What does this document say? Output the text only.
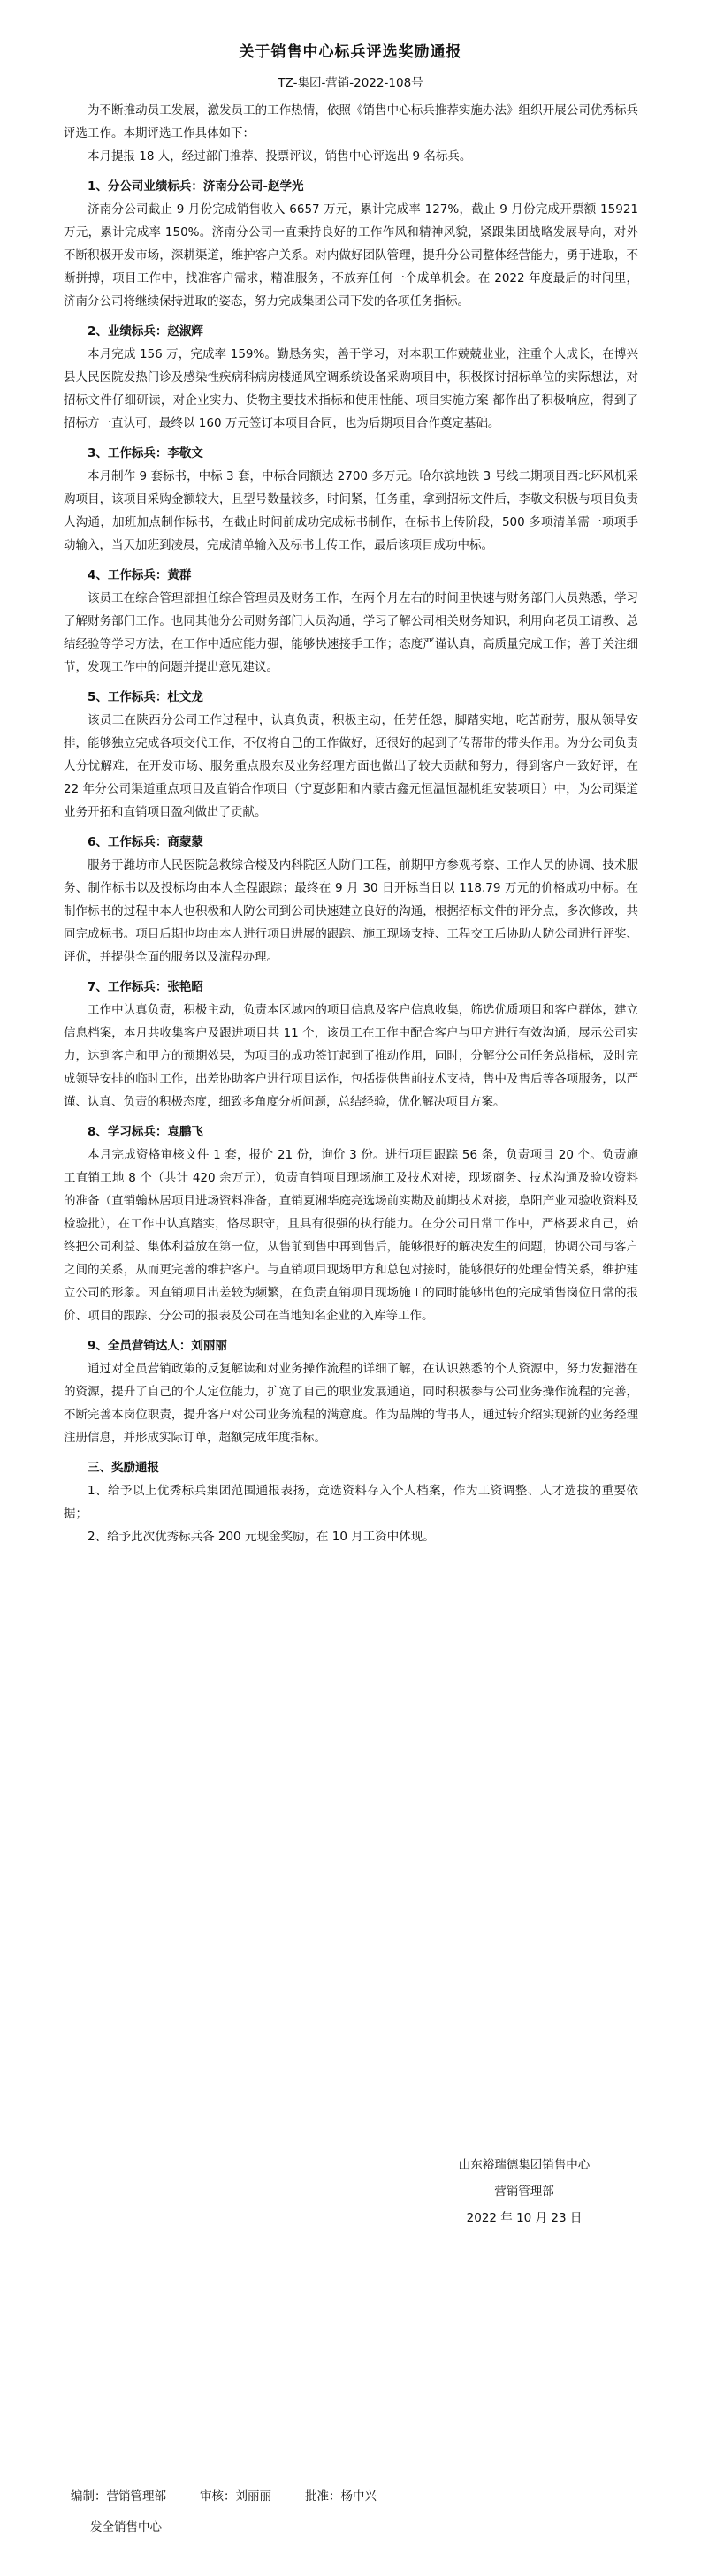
关于销售中心标兵评选奖励通报
TZ-集团-营销-2022-108号

为不断推动员工发展，激发员工的工作热情，依照《销售中心标兵推荐实施办法》组织开展公司优秀标兵评选工作。本期评选工作具体如下：

本月提报 18 人，经过部门推荐、投票评议，销售中心评选出 9 名标兵。

1、分公司业绩标兵：济南分公司-赵学光

济南分公司截止 9 月份完成销售收入 6657 万元，累计完成率 127%，截止 9 月份完成开票额 15921 万元，累计完成率 150%。济南分公司一直秉持良好的工作作风和精神风貌，紧跟集团战略发展导向，对外不断积极开发市场，深耕渠道，维护客户关系。对内做好团队管理，提升分公司整体经营能力，勇于进取，不断拼搏，项目工作中，找准客户需求，精准服务，不放弃任何一个成单机会。在 2022 年度最后的时间里，济南分公司将继续保持进取的姿态，努力完成集团公司下发的各项任务指标。

2、业绩标兵：赵淑辉

本月完成 156 万，完成率 159%。勤恳务实，善于学习，对本职工作兢兢业业，注重个人成长，在博兴县人民医院发热门诊及感染性疾病科病房楼通风空调系统设备采购项目中，积极探讨招标单位的实际想法，对招标文件仔细研读，对企业实力、货物主要技术指标和使用性能、项目实施方案 都作出了积极响应，得到了招标方一直认可，最终以 160 万元签订本项目合同，也为后期项目合作奠定基础。

3、工作标兵：李敬文

本月制作 9 套标书，中标 3 套，中标合同额达 2700 多万元。哈尔滨地铁 3 号线二期项目西北环风机采购项目，该项目采购金额较大，且型号数量较多，时间紧，任务重，拿到招标文件后，李敬文积极与项目负责人沟通，加班加点制作标书，在截止时间前成功完成标书制作，在标书上传阶段，500 多项清单需一项项手动输入，当天加班到凌晨，完成清单输入及标书上传工作，最后该项目成功中标。

4、工作标兵：黄群

该员工在综合管理部担任综合管理员及财务工作，在两个月左右的时间里快速与财务部门人员熟悉，学习了解财务部门工作。也同其他分公司财务部门人员沟通，学习了解公司相关财务知识，利用向老员工请教、总结经验等学习方法，在工作中适应能力强，能够快速接手工作；态度严谨认真，高质量完成工作；善于关注细节，发现工作中的问题并提出意见建议。

5、工作标兵：杜文龙

该员工在陕西分公司工作过程中，认真负责，积极主动，任劳任怨，脚踏实地，吃苦耐劳，服从领导安排，能够独立完成各项交代工作，不仅将自己的工作做好，还很好的起到了传帮带的带头作用。为分公司负责人分忧解难，在开发市场、服务重点股东及业务经理方面也做出了较大贡献和努力，得到客户一致好评，在 22 年分公司渠道重点项目及直销合作项目（宁夏彭阳和内蒙古鑫元恒温恒湿机组安装项目）中，为公司渠道业务开拓和直销项目盈利做出了贡献。

6、工作标兵：商蒙蒙

服务于潍坊市人民医院急救综合楼及内科院区人防门工程，前期甲方参观考察、工作人员的协调、技术服务、制作标书以及投标均由本人全程跟踪；最终在 9 月 30 日开标当日以 118.79 万元的价格成功中标。在制作标书的过程中本人也积极和人防公司到公司快速建立良好的沟通，根据招标文件的评分点，多次修改，共同完成标书。项目后期也均由本人进行项目进展的跟踪、施工现场支持、工程交工后协助人防公司进行评奖、评优，并提供全面的服务以及流程办理。

7、工作标兵：张艳昭

工作中认真负责，积极主动，负责本区域内的项目信息及客户信息收集，筛选优质项目和客户群体，建立信息档案，本月共收集客户及跟进项目共 11 个，该员工在工作中配合客户与甲方进行有效沟通，展示公司实力，达到客户和甲方的预期效果，为项目的成功签订起到了推动作用，同时，分解分公司任务总指标，及时完成领导安排的临时工作，出差协助客户进行项目运作，包括提供售前技术支持，售中及售后等各项服务，以严谨、认真、负责的积极态度，细致多角度分析问题，总结经验，优化解决项目方案。

8、学习标兵：袁鹏飞

本月完成资格审核文件 1 套，报价 21 份，询价 3 份。进行项目跟踪 56 条，负责项目 20 个。负责施工直销工地 8 个（共计 420 余万元），负责直销项目现场施工及技术对接，现场商务、技术沟通及验收资料的准备（直销翰林居项目进场资料准备，直销夏湘华庭亮选场前实勘及前期技术对接，阜阳产业园验收资料及检验批），在工作中认真踏实，恪尽职守，且具有很强的执行能力。在分公司日常工作中，严格要求自己，始终把公司利益、集体利益放在第一位，从售前到售中再到售后，能够很好的解决发生的问题，协调公司与客户之间的关系，从而更完善的维护客户。与直销项目现场甲方和总包对接时，能够很好的处理奋情关系，维护建立公司的形象。因直销项目出差较为频繁，在负责直销项目现场施工的同时能够出色的完成销售岗位日常的报价、项目的跟踪、分公司的报表及公司在当地知名企业的入库等工作。

9、全员营销达人：刘丽丽

通过对全员营销政策的反复解读和对业务操作流程的详细了解，在认识熟悉的个人资源中，努力发掘潜在的资源，提升了自己的个人定位能力，扩宽了自己的职业发展通道，同时积极参与公司业务操作流程的完善，不断完善本岗位职责，提升客户对公司业务流程的满意度。作为品牌的背书人，通过转介绍实现新的业务经理注册信息，并形成实际订单，超额完成年度指标。

三、奖励通报

1、给予以上优秀标兵集团范围通报表扬，竞选资料存入个人档案，作为工资调整、人才选拔的重要依据；

2、给予此次优秀标兵各 200 元现金奖励，在 10 月工资中体现。

山东裕瑞德集团销售中心
营销管理部
2022 年 10 月 23 日
编制：营销管理部	审核：刘丽丽	批准：杨中兴
发全销售中心
